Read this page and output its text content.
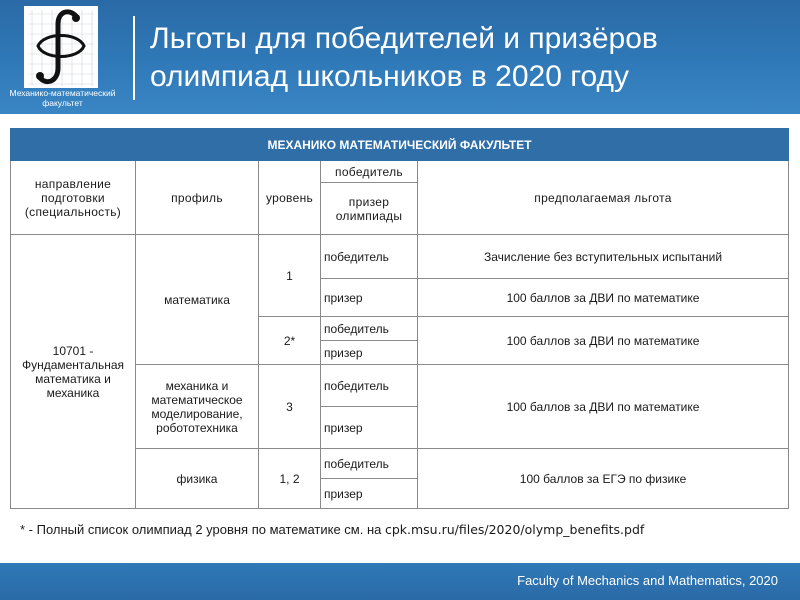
Механико-математический факультет
Льготы для победителей и призёров олимпиад школьников в 2020 году
МЕХАНИКО МАТЕМАТИЧЕСКИЙ ФАКУЛЬТЕТ				
направление подготовки (специальность)	профиль	уровень	победитель	предполагаемая льгота
			призер олимпиады	
10701 - Фундаментальная математика и механика	математика	1	победитель	Зачисление без вступительных испытаний
			призер	100 баллов за ДВИ по математике
		2*	победитель	100 баллов за ДВИ по математике
			призер	
	механика и математическое моделирование, робототехника	3	победитель	100 баллов за ДВИ по математике
			призер	
	физика	1, 2	победитель	100 баллов за ЕГЭ по физике
			призер	
* - Полный список олимпиад 2 уровня по математике см. на cpk.msu.ru/files/2020/olymp_benefits.pdf
Faculty of Mechanics and Mathematics, 2020
